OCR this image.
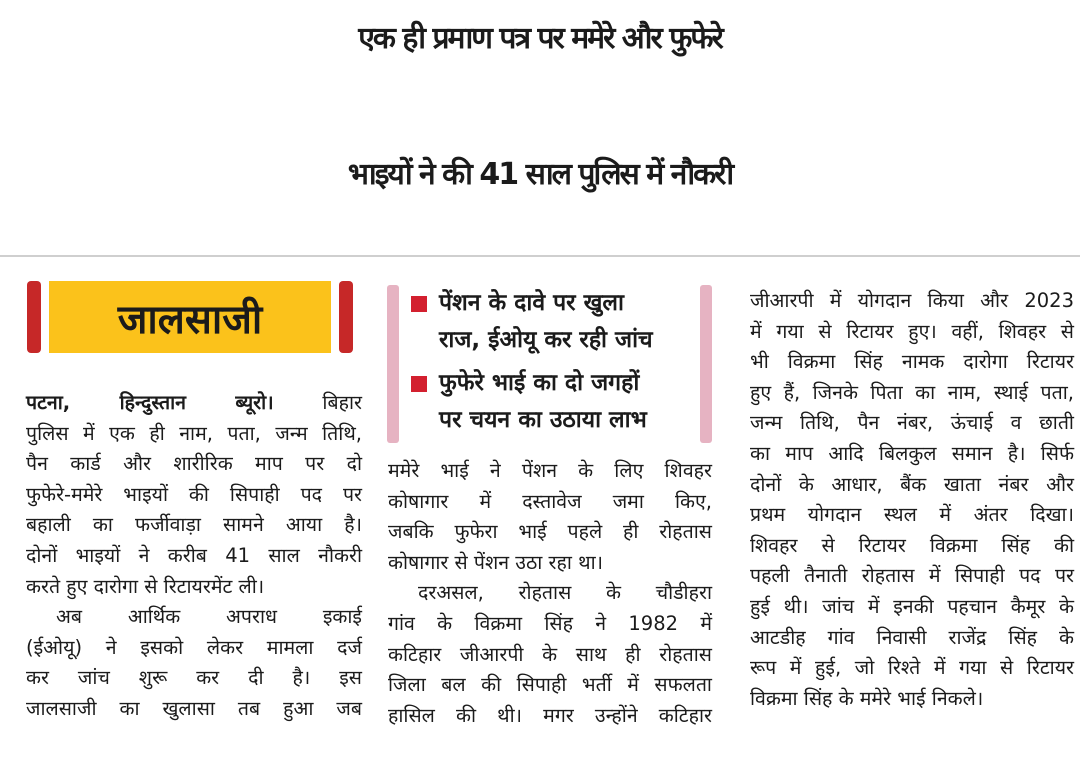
एक ही प्रमाण पत्र पर ममेरे और फुफेरे
भाइयों ने की 41 साल पुलिस में नौकरी
जालसाजी	पेंशन के दावे पर खुला
राज, ईओयू कर रही जांच
फुफेरे भाई का दो जगहों
पर चयन का उठाया लाभ
पटना, हिन्दुस्तान ब्यूरो।	बिहार
पुलिस में एक ही नाम, पता, जन्म तिथि,
पैन कार्ड और शारीरिक माप पर दो
फुफेरे-ममेरे भाइयों की सिपाही पद पर
बहाली का फर्जीवाड़ा सामने आया है।
दोनों भाइयों ने करीब 41 साल नौकरी
करते हुए दारोगा से रिटायरमेंट ली।
अब आर्थिक अपराध इकाई
(ईओयू) ने इसको लेकर मामला दर्ज
कर जांच शुरू कर दी है। इस
जालसाजी का खुलासा तब हुआ जब
ममेरे भाई ने पेंशन के लिए शिवहर
कोषागार में दस्तावेज जमा किए,
जबकि फुफेरा भाई पहले ही रोहतास
कोषागार से पेंशन उठा रहा था।
दरअसल, रोहतास के चौडीहरा
गांव के विक्रमा सिंह ने 1982 में
कटिहार जीआरपी के साथ ही रोहतास
जिला बल की सिपाही भर्ती में सफलता
हासिल की थी। मगर उन्होंने कटिहार
जीआरपी में योगदान किया और 2023
में गया से रिटायर हुए। वहीं, शिवहर से
भी विक्रमा सिंह नामक दारोगा रिटायर
हुए हैं, जिनके पिता का नाम, स्थाई पता,
जन्म तिथि, पैन नंबर, ऊंचाई व छाती
का माप आदि बिलकुल समान है। सिर्फ
दोनों के आधार, बैंक खाता नंबर और
प्रथम योगदान स्थल में अंतर दिखा।
शिवहर से रिटायर विक्रमा सिंह की
पहली तैनाती रोहतास में सिपाही पद पर
हुई थी। जांच में इनकी पहचान कैमूर के
आटडीह गांव निवासी राजेंद्र सिंह के
रूप में हुई, जो रिश्ते में गया से रिटायर
विक्रमा सिंह के ममेरे भाई निकले।
